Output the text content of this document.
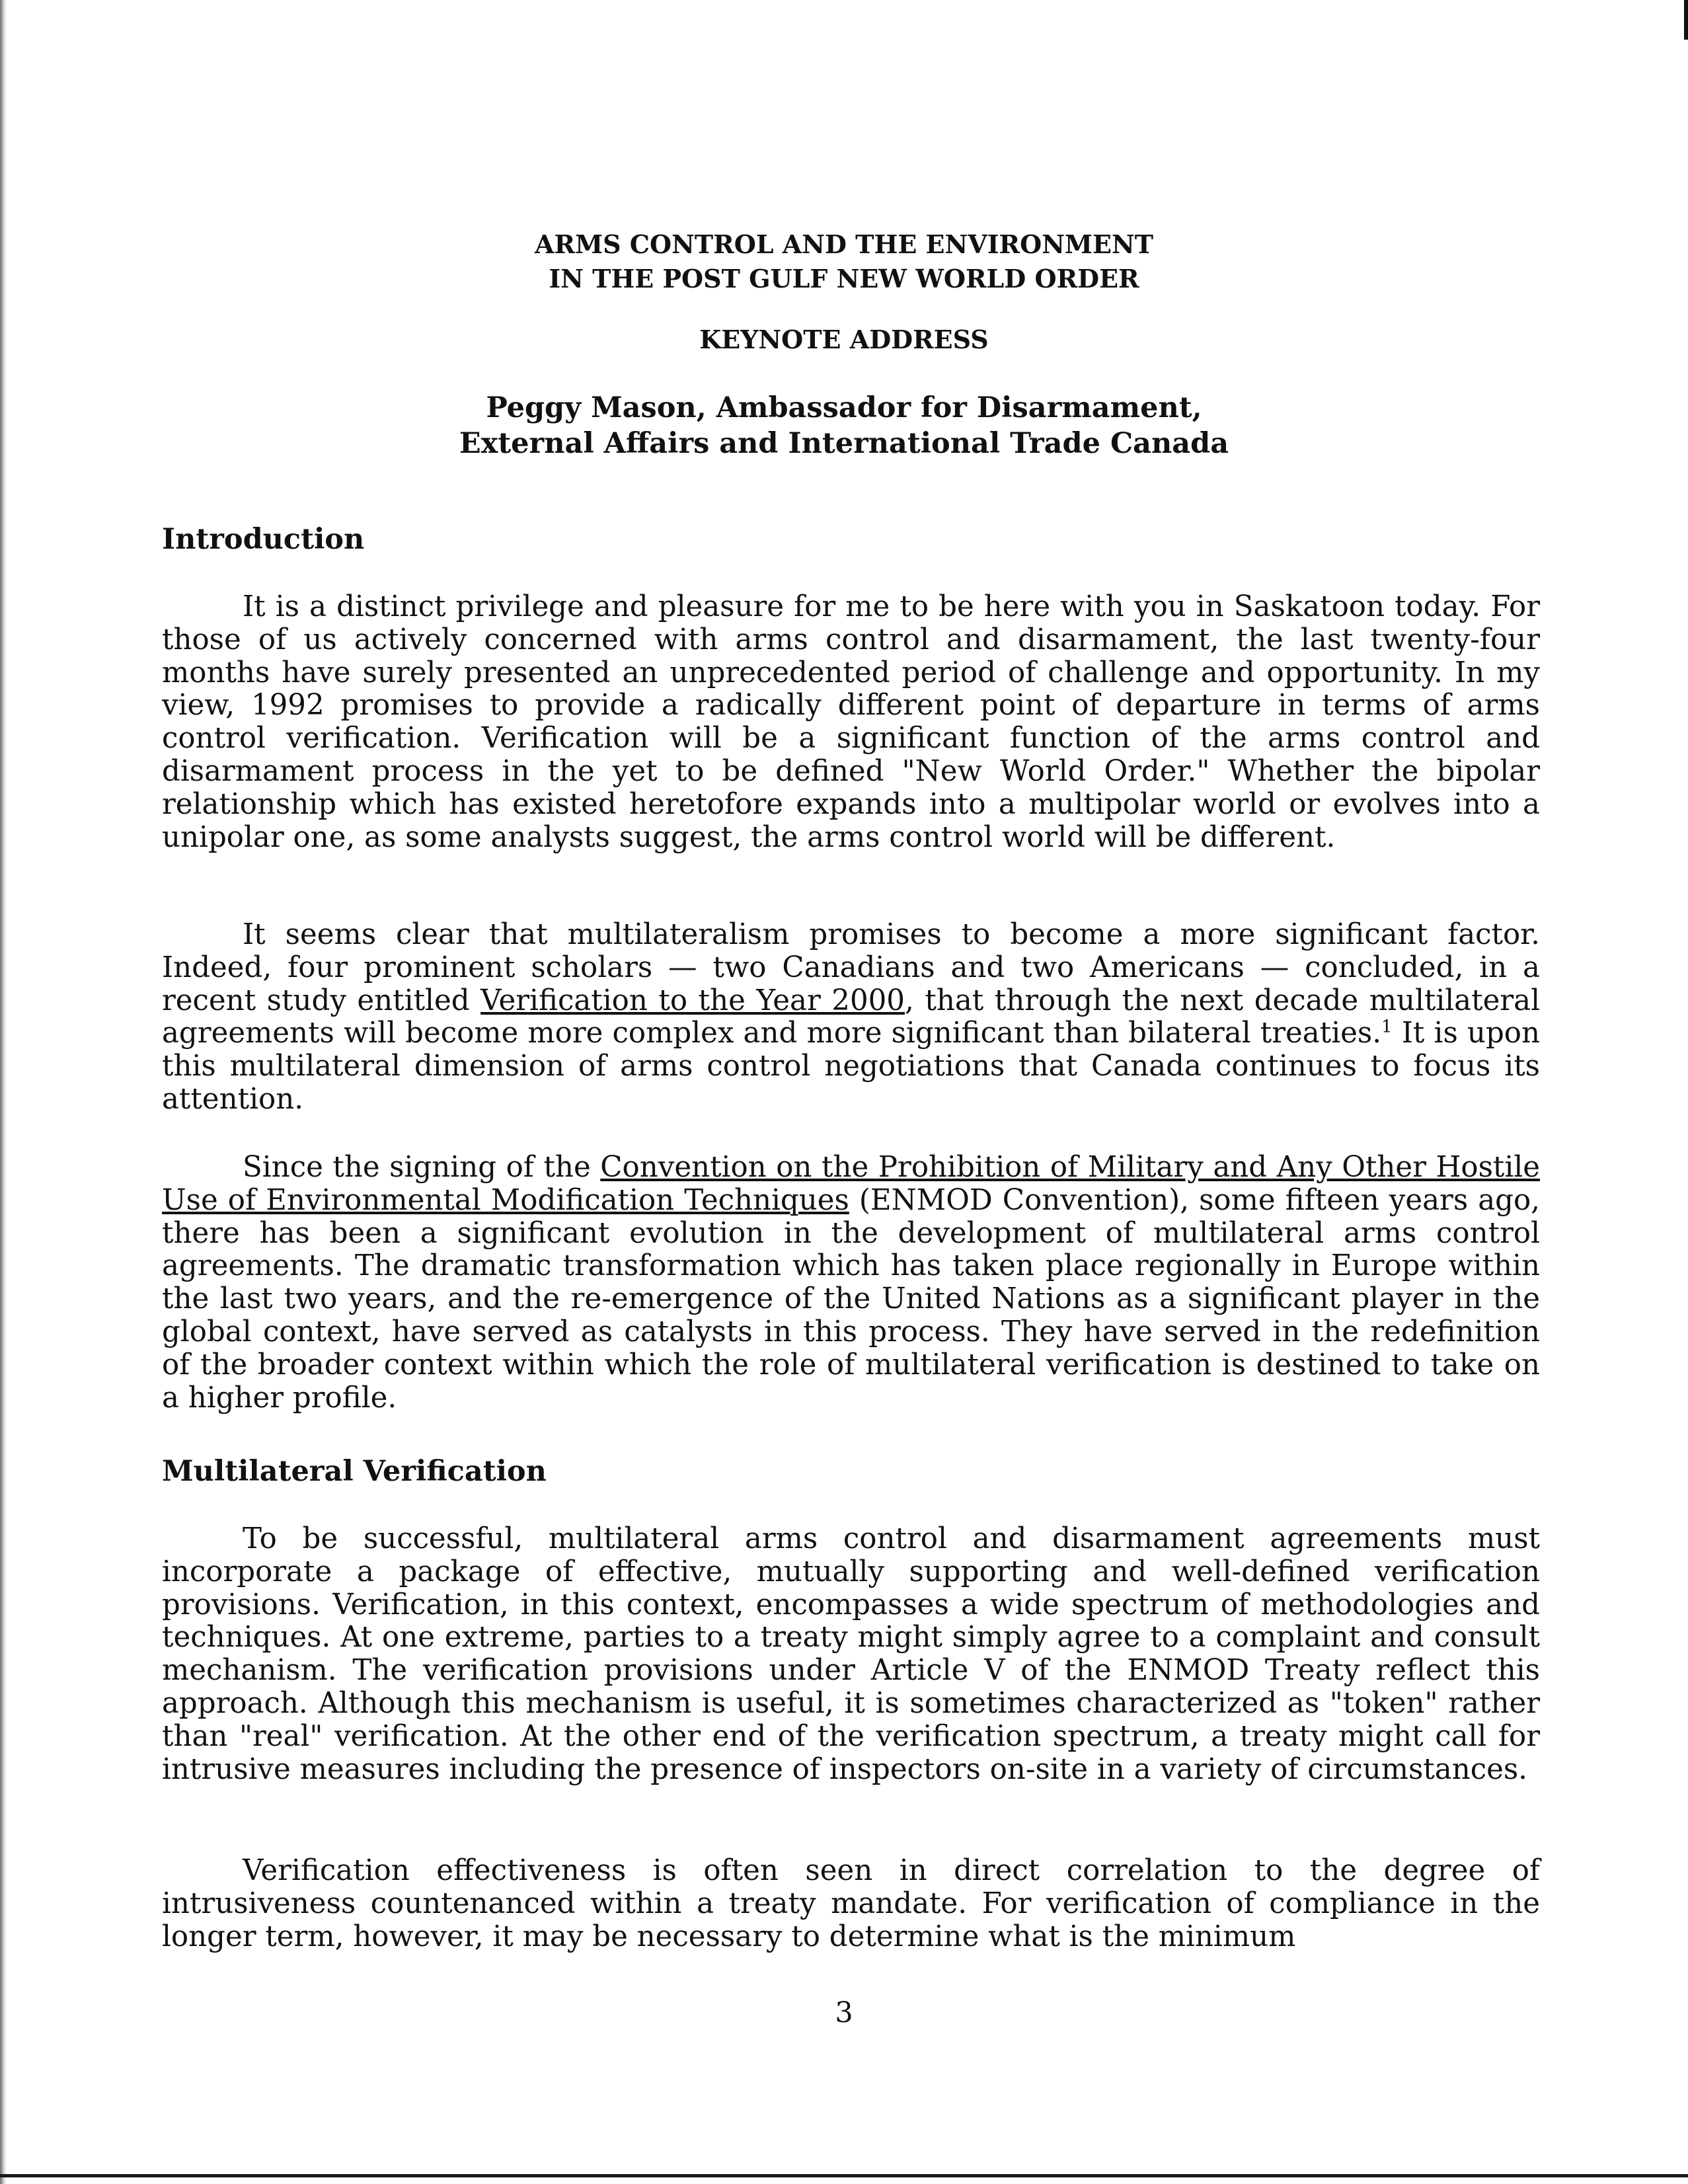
ARMS CONTROL AND THE ENVIRONMENT
IN THE POST GULF NEW WORLD ORDER
KEYNOTE ADDRESS
Peggy Mason, Ambassador for Disarmament,
External Affairs and International Trade Canada
Introduction

It is a distinct privilege and pleasure for me to be here with you in Saskatoon today. For those of us actively concerned with arms control and disarmament, the last twenty-four months have surely presented an unprecedented period of challenge and opportunity. In my view, 1992 promises to provide a radically different point of departure in terms of arms control verification. Verification will be a significant function of the arms control and disarmament process in the yet to be defined "New World Order." Whether the bipolar relationship which has existed heretofore expands into a multipolar world or evolves into a unipolar one, as some analysts suggest, the arms control world will be different.

It seems clear that multilateralism promises to become a more significant factor. Indeed, four prominent scholars — two Canadians and two Americans — concluded, in a recent study entitled Verification to the Year 2000, that through the next decade multilateral agreements will become more complex and more significant than bilateral treaties.$^1$ It is upon this multilateral dimension of arms control negotiations that Canada continues to focus its attention.

Since the signing of the Convention on the Prohibition of Military and Any Other Hostile Use of Environmental Modification Techniques (ENMOD Convention), some fifteen years ago, there has been a significant evolution in the development of multilateral arms control agreements. The dramatic transformation which has taken place regionally in Europe within the last two years, and the re-emergence of the United Nations as a significant player in the global context, have served as catalysts in this process. They have served in the redefinition of the broader context within which the role of multilateral verification is destined to take on a higher profile.

Multilateral Verification

To be successful, multilateral arms control and disarmament agreements must incorporate a package of effective, mutually supporting and well-defined verification provisions. Verification, in this context, encompasses a wide spectrum of methodologies and techniques. At one extreme, parties to a treaty might simply agree to a complaint and consult mechanism. The verification provisions under Article V of the ENMOD Treaty reflect this approach. Although this mechanism is useful, it is sometimes characterized as "token" rather than "real" verification. At the other end of the verification spectrum, a treaty might call for intrusive measures including the presence of inspectors on-site in a variety of circumstances.

Verification effectiveness is often seen in direct correlation to the degree of intrusiveness countenanced within a treaty mandate. For verification of compliance in the longer term, however, it may be necessary to determine what is the minimum

3
